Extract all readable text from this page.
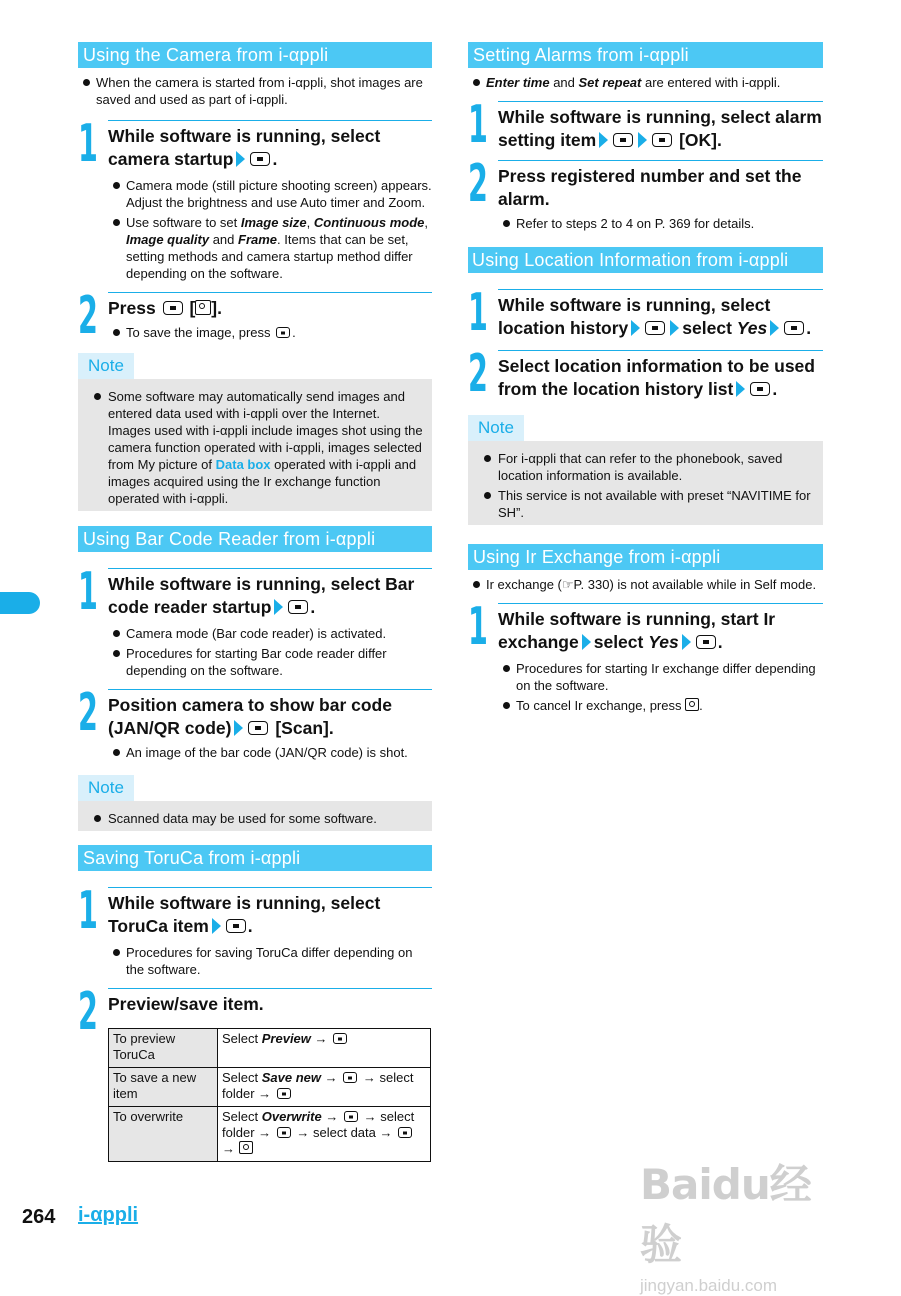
Using the Camera from i-αppli
When the camera is started from i-αppli, shot images are saved and used as part of i-αppli.
1 While software is running, select camera startup .
Camera mode (still picture shooting screen) appears. Adjust the brightness and use Auto timer and Zoom.
Use software to set Image size, Continuous mode, Image quality and Frame. Items that can be set, setting methods and camera startup method differ depending on the software.
2 Press [ ].
To save the image, press .
Note
Some software may automatically send images and entered data used with i-αppli over the Internet. Images used with i-αppli include images shot using the camera function operated with i-αppli, images selected from My picture of Data box operated with i-αppli and images acquired using the Ir exchange function operated with i-αppli.
Using Bar Code Reader from i-αppli
1 While software is running, select Bar code reader startup .
Camera mode (Bar code reader) is activated.
Procedures for starting Bar code reader differ depending on the software.
2 Position camera to show bar code (JAN/QR code)	[Scan].
An image of the bar code (JAN/QR code) is shot.
Note
Scanned data may be used for some software.
Saving ToruCa from i-αppli
1 While software is running, select ToruCa item .
Procedures for saving ToruCa differ depending on the software.
2 Preview/save item.
To preview ToruCa	Select Preview →
To save a new item	Select Save new → → select folder →
To overwrite	Select Overwrite → → select folder → → select data →  →
Setting Alarms from i-αppli
Enter time and Set repeat are entered with i-αppli.
1 While software is running, select alarm setting item	[OK].
2 Press registered number and set the alarm.
Refer to steps 2 to 4 on P. 369 for details.
Using Location Information from i-αppli
1 While software is running, select location history	select Yes .
2 Select location information to be used from the location history list .
Note
For i-αppli that can refer to the phonebook, saved location information is available.
This service is not available with preset “NAVITIME for SH”.
Using Ir Exchange from i-αppli
Ir exchange (☞P. 330) is not available while in Self mode.
1 While software is running, start Ir exchange select Yes .
Procedures for starting Ir exchange differ depending on the software.
To cancel Ir exchange, press .
264 i-αppli
Baidu经验
jingyan.baidu.com
